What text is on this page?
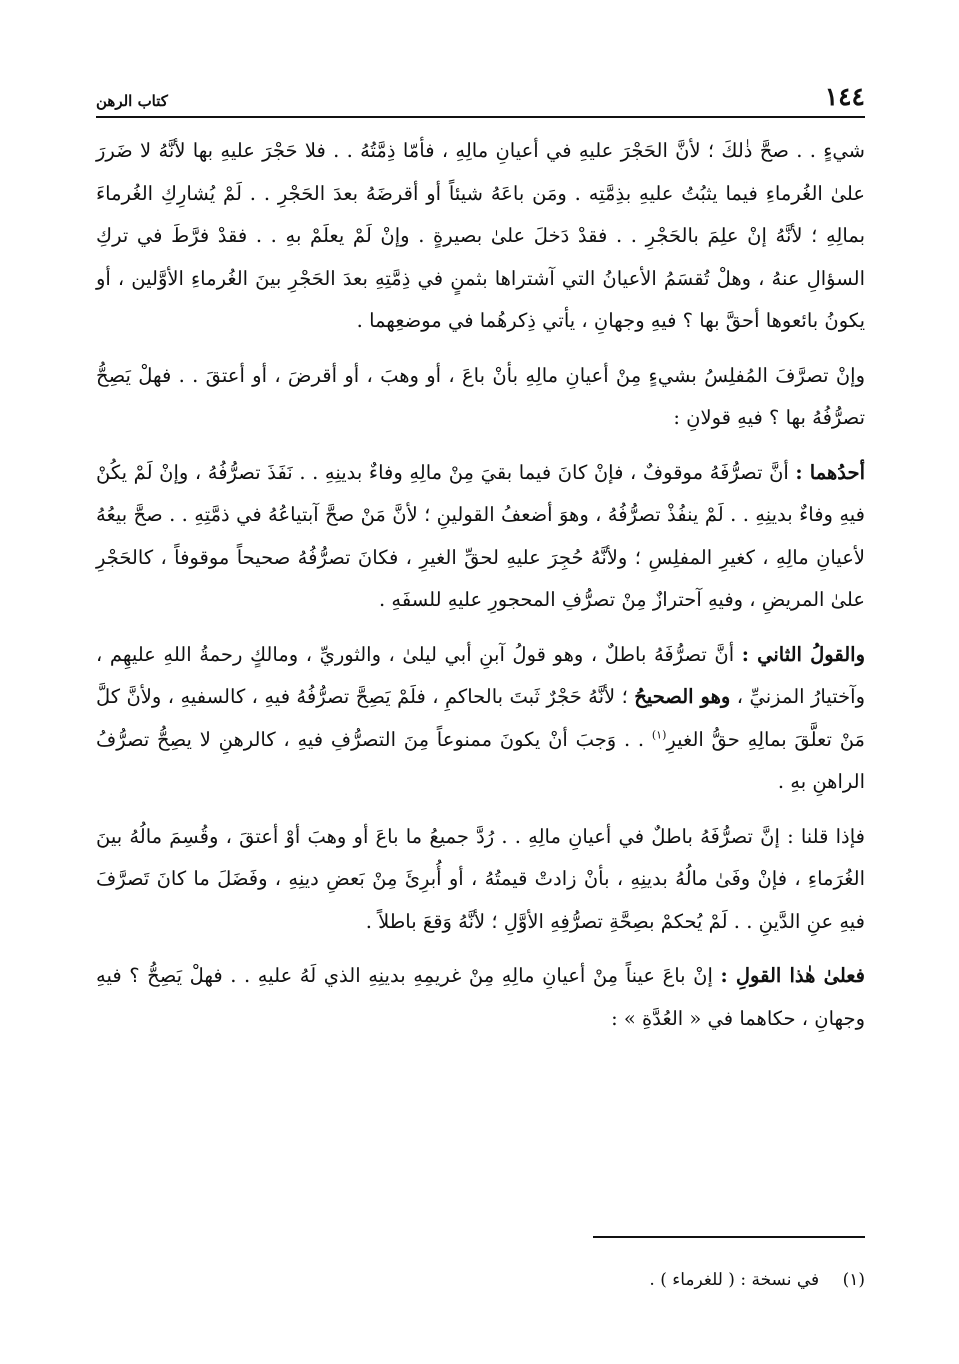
١٤٤
كتاب الرهن

شيءٍ . . صحَّ ذٰلكَ ؛ لأنَّ الحَجْرَ عليهِ في أعيانِ مالِهِ ، فأمّا ذِمَّتُهُ . . فلا حَجْرَ عليهِ بها لأنَّهُ لا ضَررَ علىٰ الغُرماءِ فيما يثبُتُ عليهِ بذِمَّتِه . ومَن باعَهُ شيئاً أو أقرضَهُ بعدَ الحَجْرِ . . لَمْ يُشارِكِ الغُرماءَ بمالِهِ ؛ لأنَّهُ إنْ علِمَ بالحَجْرِ . . فقدْ دَخلَ علىٰ بصيرةٍ . وإنْ لَمْ يعلَمْ بهِ . . فقدْ فرَّطَ في تركِ السؤالِ عنهُ ، وهلْ تُقسَمُ الأعيانُ التي آشتراها بثمنٍ في ذِمَّتِهِ بعدَ الحَجْرِ بينَ الغُرماءِ الأوَّلين ، أو يكونُ بائعوها أحقَّ بها ؟ فيهِ وجهانِ ، يأتي ذِكرهُما في موضعِهما .

وإنْ تصرَّفَ المُفلِسُ بشيءٍ مِنْ أعيانِ مالِهِ بأنْ باعَ ، أو وهبَ ، أو أقرضَ ، أو أعتقَ . . فهلْ يَصِحُّ تصرُّفُهُ بها ؟ فيهِ قولانِ :

أحدُهما : أنَّ تصرُّفَهُ موقوفٌ ، فإنْ كانَ فيما بقيَ مِنْ مالِهِ وفاءٌ بدينِهِ . . نَفَذَ تصرُّفُهُ ، وإنْ لَمْ يكُنْ فيهِ وفاءٌ بدينِهِ . . لَمْ ينفُذْ تصرُّفُهُ ، وهوَ أضعفُ القولينِ ؛ لأنَّ مَنْ صحَّ آبتياعُهُ في ذمَّتِهِ . . صحَّ بيعُهُ لأعيانِ مالِهِ ، كغيرِ المفلِسِ ؛ ولأنَّهُ حُجِرَ عليهِ لحقِّ الغيرِ ، فكانَ تصرُّفُهُ صحيحاً موقوفاً ، كالحَجْرِ علىٰ المريضِ ، وفيهِ آحترازٌ مِنْ تصرُّفِ المحجورِ عليهِ للسفَهِ .

والقولُ الثاني : أنَّ تصرُّفَهُ باطلٌ ، وهو قولُ آبنِ أبي ليلىٰ ، والثوريِّ ، ومالكٍ رحمةُ اللهِ عليهِم ، وآختيارُ المزنيِّ ، وهو الصحيحُ ؛ لأنَّهُ حَجْرٌ ثَبتَ بالحاكمِ ، فلَمْ يَصِحَّ تصرُّفُهُ فيهِ ، كالسفيهِ ، ولأنَّ كلَّ مَنْ تعلَّقَ بمالِهِ حقُّ الغيرِ$^{(١)}$ . . وَجبَ أنْ يكونَ ممنوعاً مِنَ التصرُّفِ فيهِ ، كالرهنِ لا يصِحُّ تصرُّفُ الراهنِ بهِ .

فإذا قلنا : إنَّ تصرُّفَهُ باطلٌ في أعيانِ مالِهِ . . رُدَّ جميعُ ما باعَ أو وهبَ أوْ أعتقَ ، وقُسِمَ مالُهُ بينَ الغُرَماءِ ، فإنْ وفَىٰ مالُهُ بدينِهِ ، بأنْ زادتْ قيمتُهُ ، أو أُبرِئَ مِنْ بَعضِ دينِهِ ، وفَضَلَ ما كانَ تَصرَّفَ فيهِ عنِ الدَّينِ . . لَمْ يُحكمْ بصِحَّةِ تصرُّفِهِ الأوَّلِ ؛ لأنَّهُ وَقعَ باطلاً .

فعلىٰ هٰذا القولِ : إنْ باعَ عيناً مِنْ أعيانِ مالِهِ مِنْ غريمِهِ بدينِهِ الذي لَهُ عليهِ . . فهلْ يَصِحُّ ؟ فيهِ وجهانِ ، حكاهما في « العُدَّةِ » :

(١) في نسخة : ( للغرماء ) .
